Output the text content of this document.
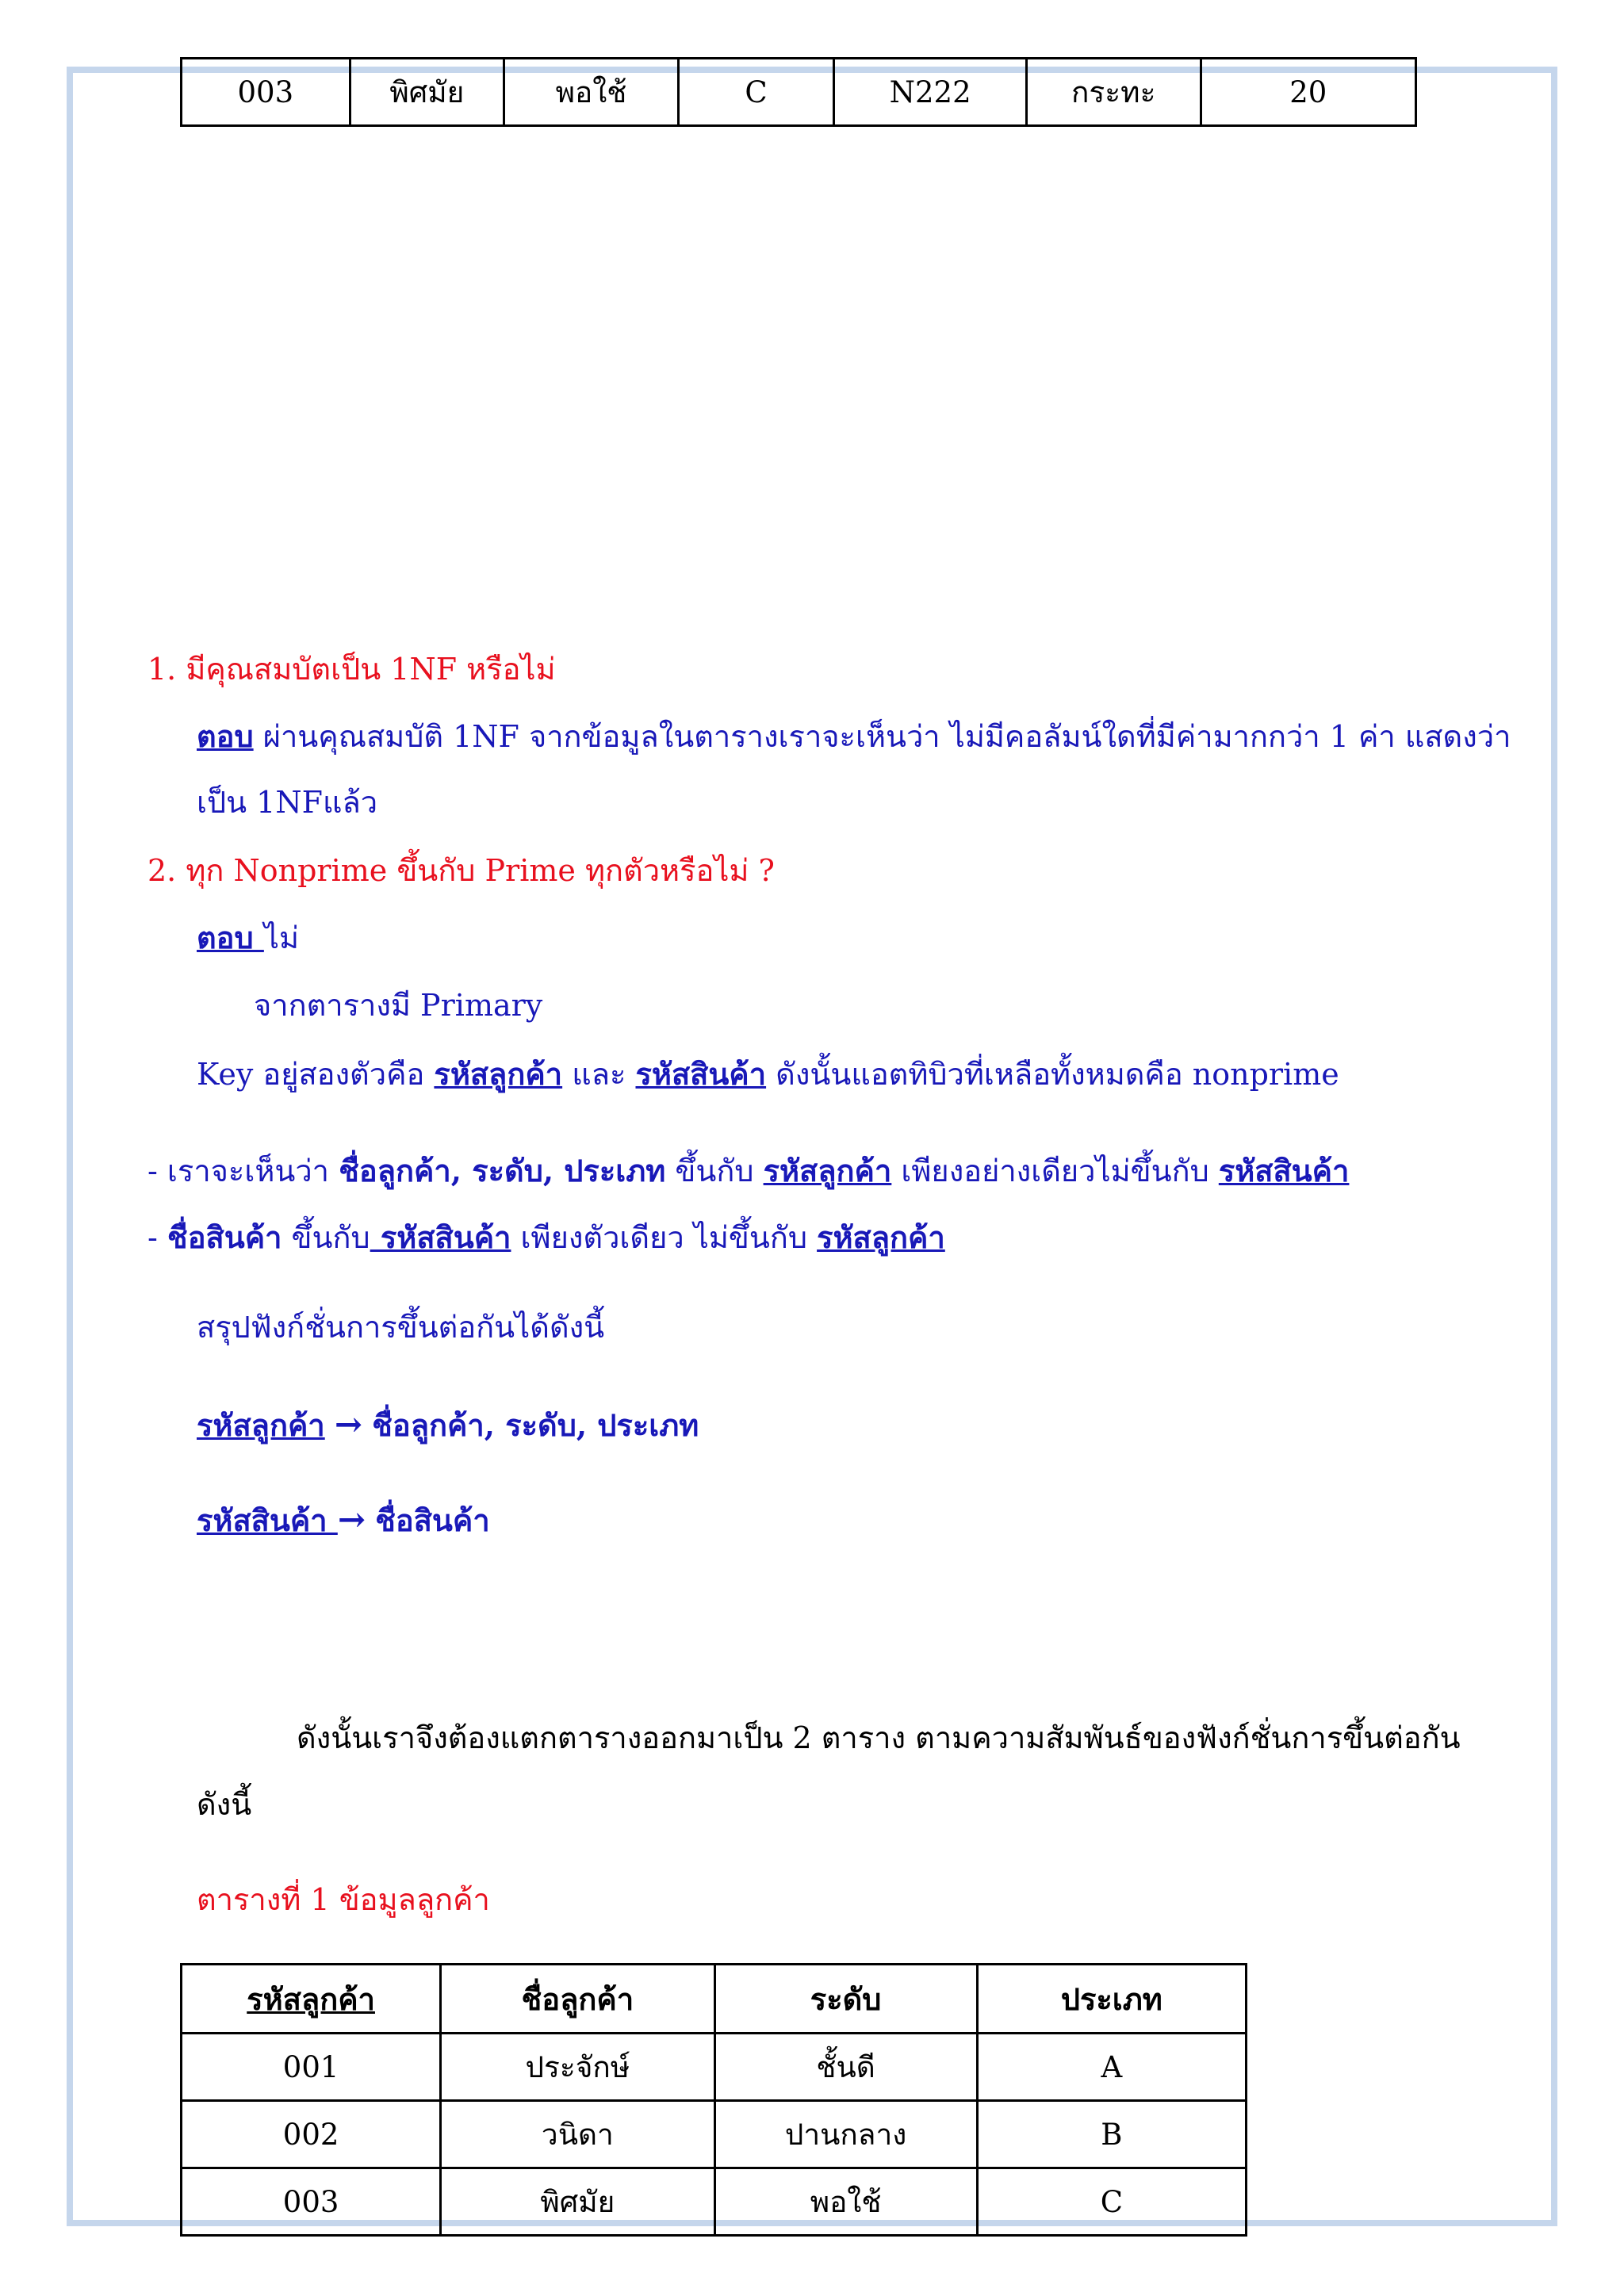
003	พิศมัย	พอใช้	C	N222	กระทะ	20
1. มีคุณสมบัตเป็น 1NF หรือไม่
ตอบ ผ่านคุณสมบัติ 1NF จากข้อมูลในตารางเราจะเห็นว่า ไม่มีคอลัมน์ใดที่มีค่ามากกว่า 1 ค่า แสดงว่า
เป็น 1NFแล้ว
2. ทุก Nonprime ขึ้นกับ Prime ทุกตัวหรือไม่ ?
ตอบ ไม่
จากตารางมี Primary
Key อยู่สองตัวคือ รหัสลูกค้า และ รหัสสินค้า ดังนั้นแอตทิบิวที่เหลือทั้งหมดคือ nonprime
- เราจะเห็นว่า ชื่อลูกค้า, ระดับ, ประเภท ขึ้นกับ รหัสลูกค้า เพียงอย่างเดียวไม่ขึ้นกับ รหัสสินค้า
- ชื่อสินค้า ขึ้นกับ รหัสสินค้า เพียงตัวเดียว ไม่ขึ้นกับ รหัสลูกค้า
สรุปฟังก์ชั่นการขึ้นต่อกันได้ดังนี้
รหัสลูกค้า → ชื่อลูกค้า, ระดับ, ประเภท
รหัสสินค้า → ชื่อสินค้า
ดังนั้นเราจึงต้องแตกตารางออกมาเป็น 2 ตาราง ตามความสัมพันธ์ของฟังก์ชั่นการขึ้นต่อกัน
ดังนี้
ตารางที่ 1 ข้อมูลลูกค้า
รหัสลูกค้า	ชื่อลูกค้า	ระดับ	ประเภท
001	ประจักษ์	ชั้นดี	A
002	วนิดา	ปานกลาง	B
003	พิศมัย	พอใช้	C
